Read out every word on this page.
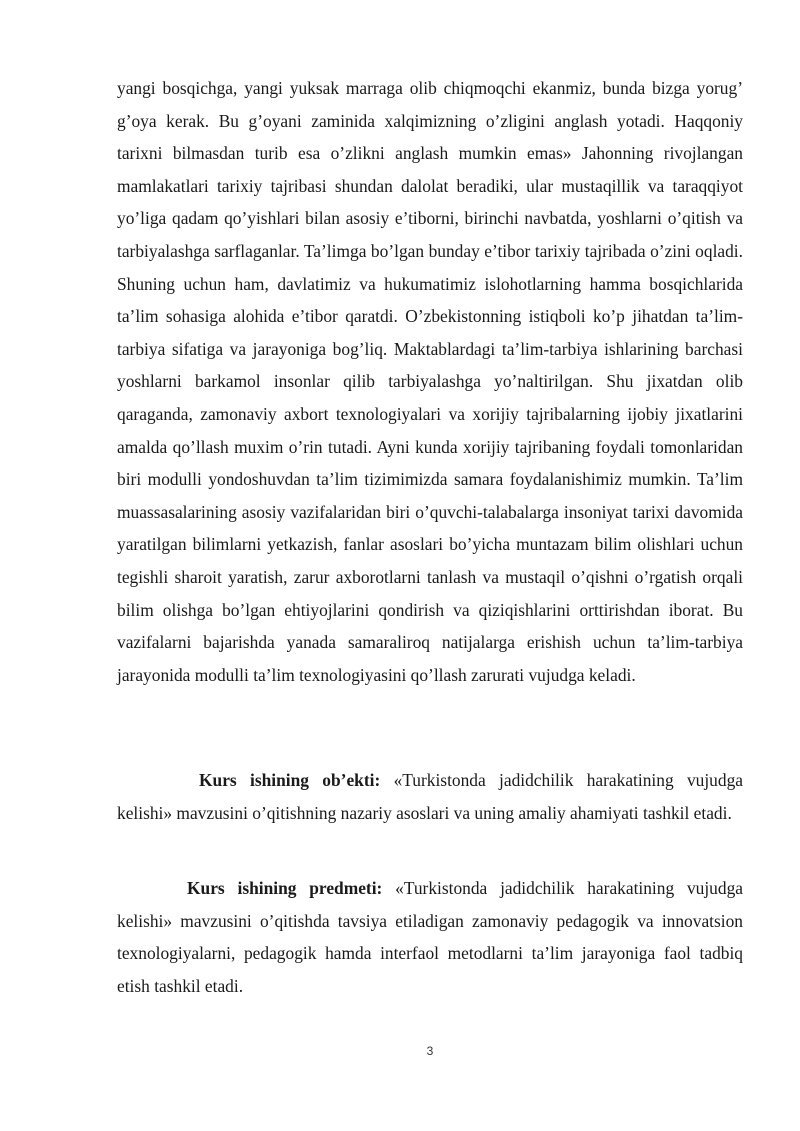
yangi bosqichga, yangi yuksak marraga olib chiqmoqchi ekanmiz, bunda bizga yorug’ g’oya kerak. Bu g’oyani zaminida xalqimizning o’zligini anglash yotadi. Haqqoniy tarixni bilmasdan turib esa o’zlikni anglash mumkin emas» Jahonning rivojlangan mamlakatlari tarixiy tajribasi shundan dalolat beradiki, ular mustaqillik va taraqqiyot yo’liga qadam qo’yishlari bilan asosiy e’tiborni, birinchi navbatda, yoshlarni o’qitish va tarbiyalashga sarflaganlar. Ta’limga bo’lgan bunday e’tibor tarixiy tajribada o’zini oqladi. Shuning uchun ham, davlatimiz va hukumatimiz islohotlarning hamma bosqichlarida ta’lim sohasiga alohida e’tibor qaratdi. O’zbekistonning istiqboli ko’p jihatdan ta’lim-tarbiya sifatiga va jarayoniga bog’liq. Maktablardagi ta’lim-tarbiya ishlarining barchasi yoshlarni barkamol insonlar qilib tarbiyalashga yo’naltirilgan. Shu jixatdan olib qaraganda, zamonaviy axbort texnologiyalari va xorijiy tajribalarning ijobiy jixatlarini amalda qo’llash muxim o’rin tutadi. Ayni kunda xorijiy tajribaning foydali tomonlaridan biri modulli yondoshuvdan ta’lim tizimimizda samara foydalanishimiz mumkin. Ta’lim muassasalarining asosiy vazifalaridan biri o’quvchi-talabalarga insoniyat tarixi davomida yaratilgan bilimlarni yetkazish, fanlar asoslari bo’yicha muntazam bilim olishlari uchun tegishli sharoit yaratish, zarur axborotlarni tanlash va mustaqil o’qishni o’rgatish orqali bilim olishga bo’lgan ehtiyojlarini qondirish va qiziqishlarini orttirishdan iborat. Bu vazifalarni bajarishda yanada samaraliroq natijalarga erishish uchun ta’lim-tarbiya jarayonida modulli ta’lim texnologiyasini qo’llash zarurati vujudga keladi.

Kurs ishining ob’ekti: «Turkistonda jadidchilik harakatining vujudga kelishi» mavzusini o’qitishning nazariy asoslari va uning amaliy ahamiyati tashkil etadi.

Kurs ishining predmeti: «Turkistonda jadidchilik harakatining vujudga kelishi» mavzusini o’qitishda tavsiya etiladigan zamonaviy pedagogik va innovatsion texnologiyalarni, pedagogik hamda interfaol metodlarni ta’lim jarayoniga faol tadbiq etish tashkil etadi.

3
